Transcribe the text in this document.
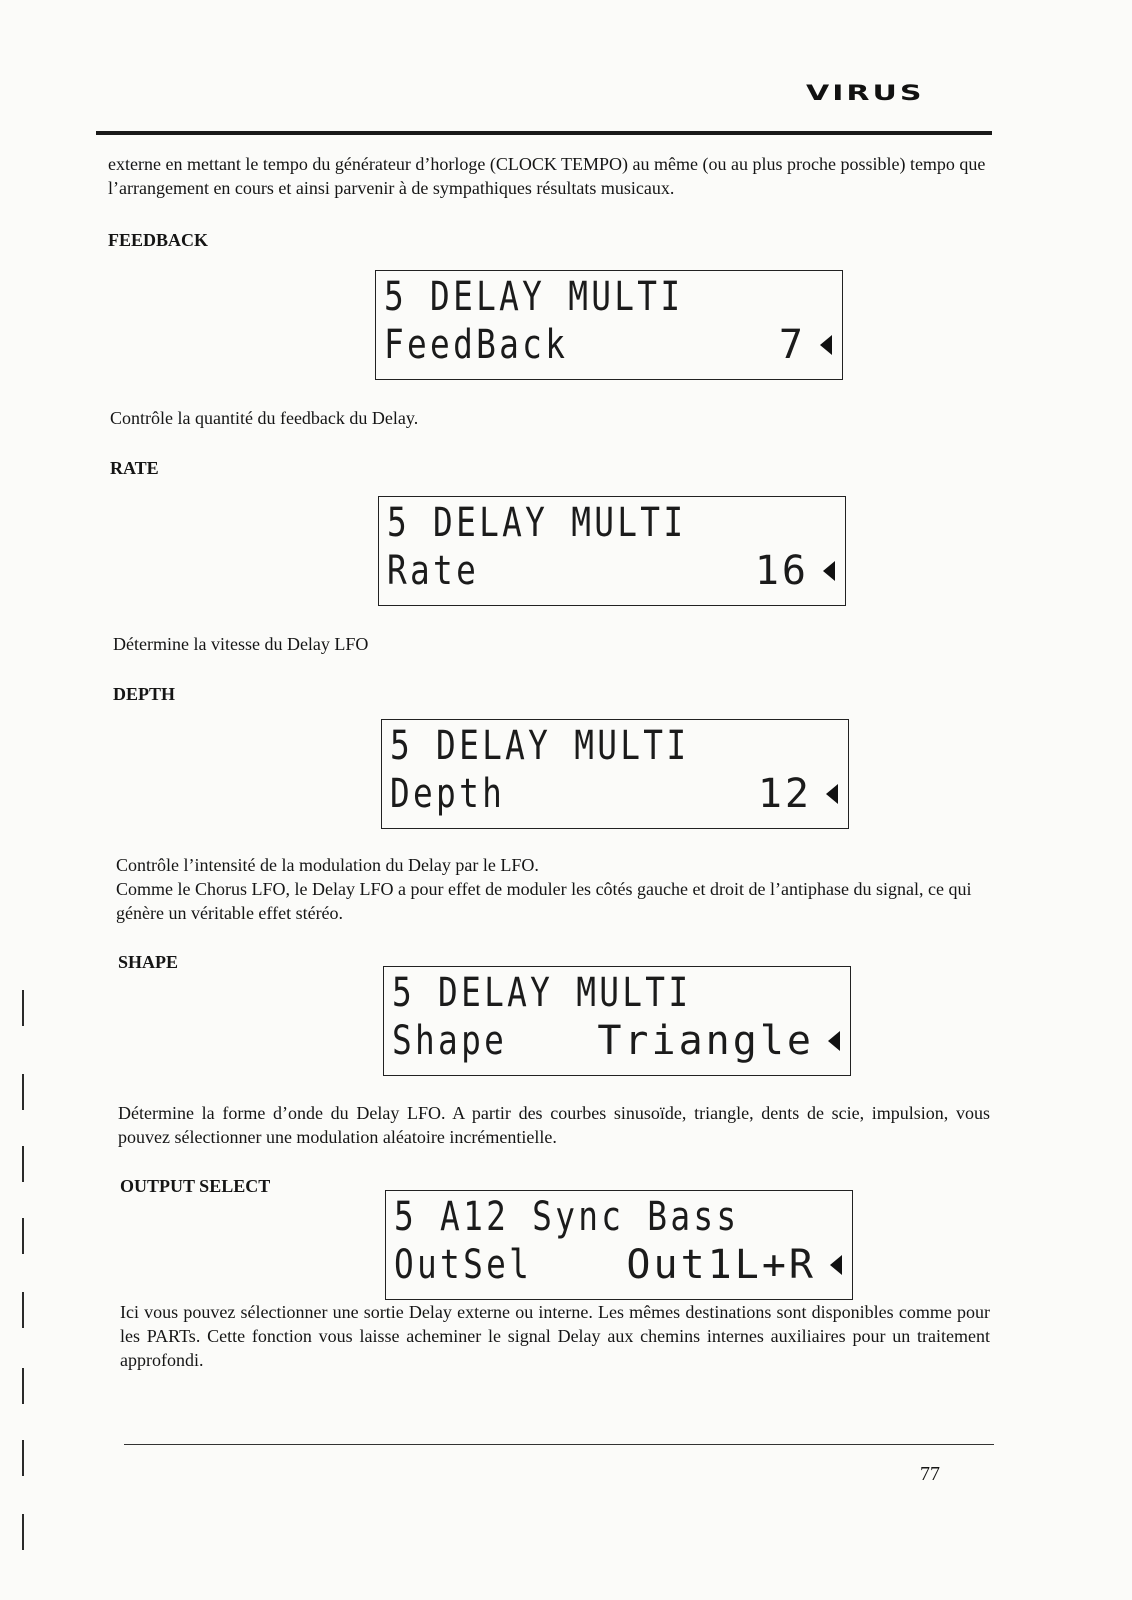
VIRUS

externe en mettant le tempo du générateur d’horloge (CLOCK TEMPO) au même (ou au plus proche possible) tempo que l’arrangement en cours et ainsi parvenir à de sympathiques résultats musicaux.

FEEDBACK
5 DELAY MULTI
FeedBack	7

Contrôle la quantité du feedback du Delay.

RATE
5 DELAY MULTI
Rate	16

Détermine la vitesse du Delay LFO

DEPTH
5 DELAY MULTI
Depth	12

Contrôle l’intensité de la modulation du Delay par le LFO.

Comme le Chorus LFO, le Delay LFO a pour effet de moduler les côtés gauche et droit de l’antiphase du signal, ce qui génère un véritable effet stéréo.

SHAPE
5 DELAY MULTI
Shape Triangle

Détermine la forme d’onde du Delay LFO. A partir des courbes sinusoïde, triangle, dents de scie, impulsion, vous pouvez sélectionner une modulation aléatoire incrémentielle.

OUTPUT SELECT
5 A12 Sync Bass
OutSel Out1L+R

Ici vous pouvez sélectionner une sortie Delay externe ou interne. Les mêmes destinations sont disponibles comme pour les PARTs. Cette fonction vous laisse acheminer le signal Delay aux chemins internes auxiliaires pour un traitement approfondi.

77
